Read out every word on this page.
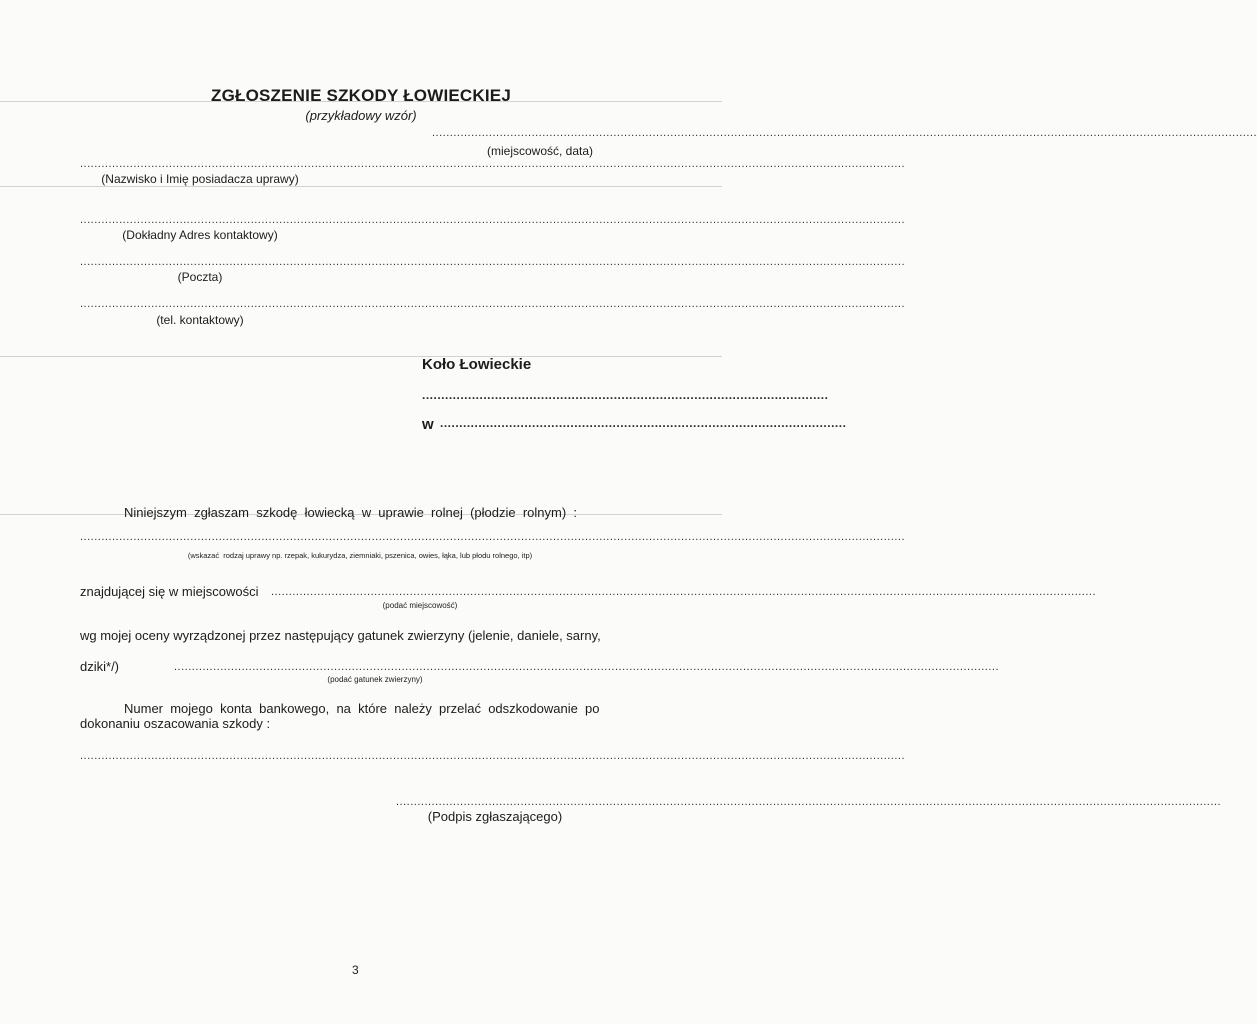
ZGŁOSZENIE SZKODY ŁOWIECKIEJ
(przykładowy wzór)
........................................................................................................................................................................................................................................
(miejscowość, data)
........................................................................................................................................................................................................................................
(Nazwisko i Imię posiadacza uprawy)
........................................................................................................................................................................................................................................
(Dokładny Adres kontaktowy)
........................................................................................................................................................................................................................................
(Poczta)
........................................................................................................................................................................................................................................
(tel. kontaktowy)
Koło Łowieckie
..........................................................................................................
w ..........................................................................................................
Niniejszym  zgłaszam  szkodę  łowiecką  w  uprawie  rolnej  (płodzie  rolnym)  :
........................................................................................................................................................................................................................................
(wskazać  rodzaj uprawy np. rzepak, kukurydza, ziemniaki, pszenica, owies, łąka, lub płodu rolnego, itp)
znajdującej się w miejscowości ........................................................................................................................................................................................................................................
(podać miejscowość)
wg mojej oceny wyrządzonej przez następujący gatunek zwierzyny (jelenie, daniele, sarny,
dziki*/)	........................................................................................................................................................................................................................................
(podać gatunek zwierzyny)
Numer  mojego  konta  bankowego,  na  które  należy  przelać  odszkodowanie  po
dokonaniu oszacowania szkody :
........................................................................................................................................................................................................................................
........................................................................................................................................................................................................................................
(Podpis zgłaszającego)
3
